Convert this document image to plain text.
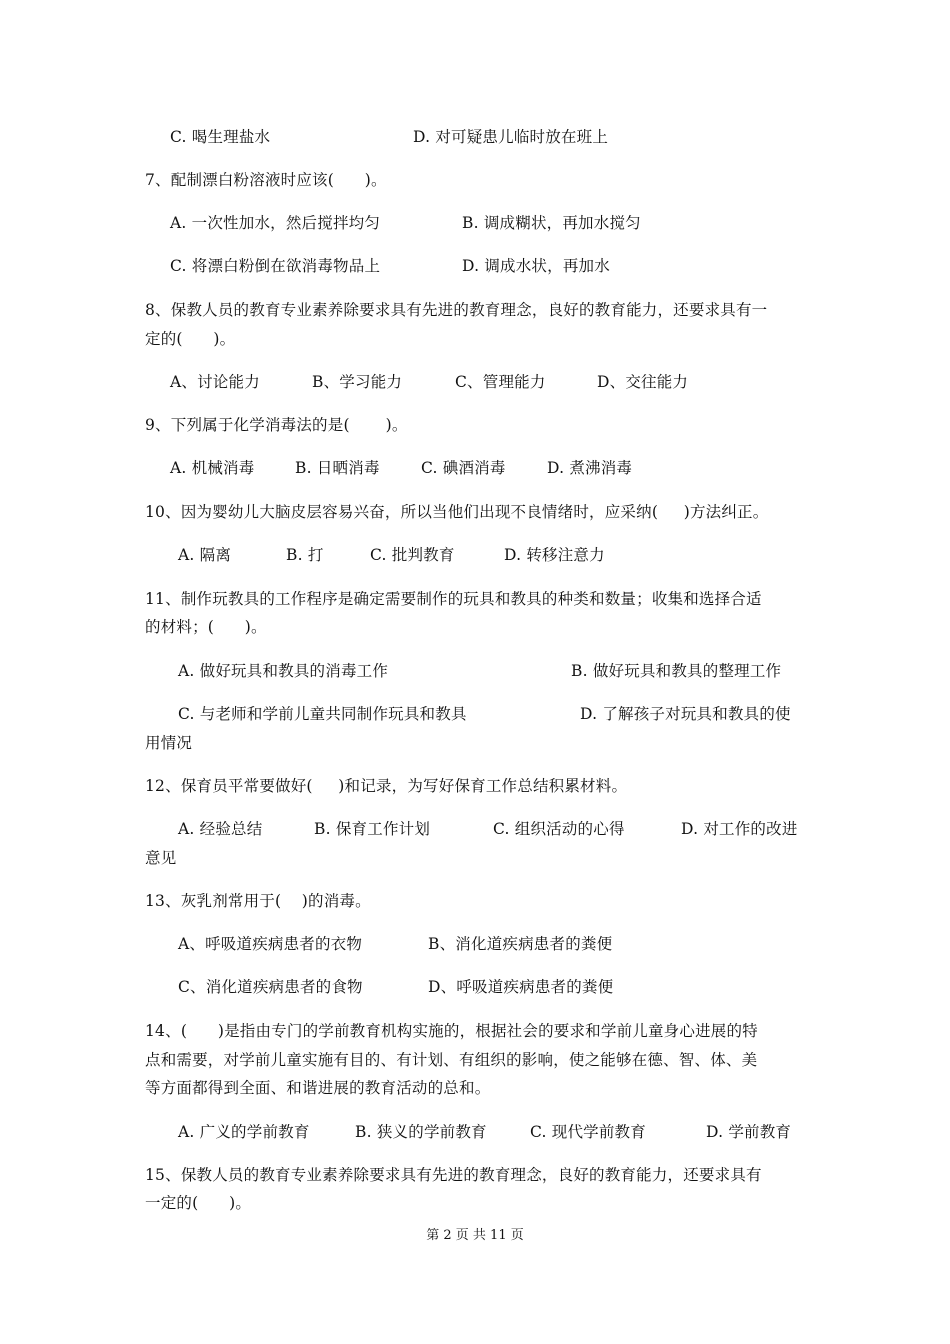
C. 喝生理盐水	D. 对可疑患儿临时放在班上
7、配制漂白粉溶液时应该(      )。
A. 一次性加水，然后搅拌均匀	B. 调成糊状，再加水搅匀
C. 将漂白粉倒在欲消毒物品上	D. 调成水状，再加水
8、保教人员的教育专业素养除要求具有先进的教育理念，良好的教育能力，还要求具有一
定的(      )。
A、讨论能力	B、学习能力	C、管理能力	D、交往能力
9、下列属于化学消毒法的是(       )。
A. 机械消毒	B. 日晒消毒	C. 碘酒消毒	D. 煮沸消毒
10、因为婴幼儿大脑皮层容易兴奋，所以当他们出现不良情绪时，应采纳(     )方法纠正。
A. 隔离	B. 打	C. 批判教育	D. 转移注意力
11、制作玩教具的工作程序是确定需要制作的玩具和教具的种类和数量；收集和选择合适
的材料；(      )。
A. 做好玩具和教具的消毒工作	B. 做好玩具和教具的整理工作
C. 与老师和学前儿童共同制作玩具和教具	D. 了解孩子对玩具和教具的使
用情况
12、保育员平常要做好(     )和记录，为写好保育工作总结积累材料。
A. 经验总结	B. 保育工作计划	C. 组织活动的心得	D. 对工作的改进
意见
13、灰乳剂常用于(    )的消毒。
A、呼吸道疾病患者的衣物	B、消化道疾病患者的粪便
C、消化道疾病患者的食物	D、呼吸道疾病患者的粪便
14、(      )是指由专门的学前教育机构实施的，根据社会的要求和学前儿童身心进展的特
点和需要，对学前儿童实施有目的、有计划、有组织的影响，使之能够在德、智、体、美
等方面都得到全面、和谐进展的教育活动的总和。
A. 广义的学前教育	B. 狭义的学前教育	C. 现代学前教育	D. 学前教育
15、保教人员的教育专业素养除要求具有先进的教育理念，良好的教育能力，还要求具有
一定的(      )。
第 2 页 共 11 页
